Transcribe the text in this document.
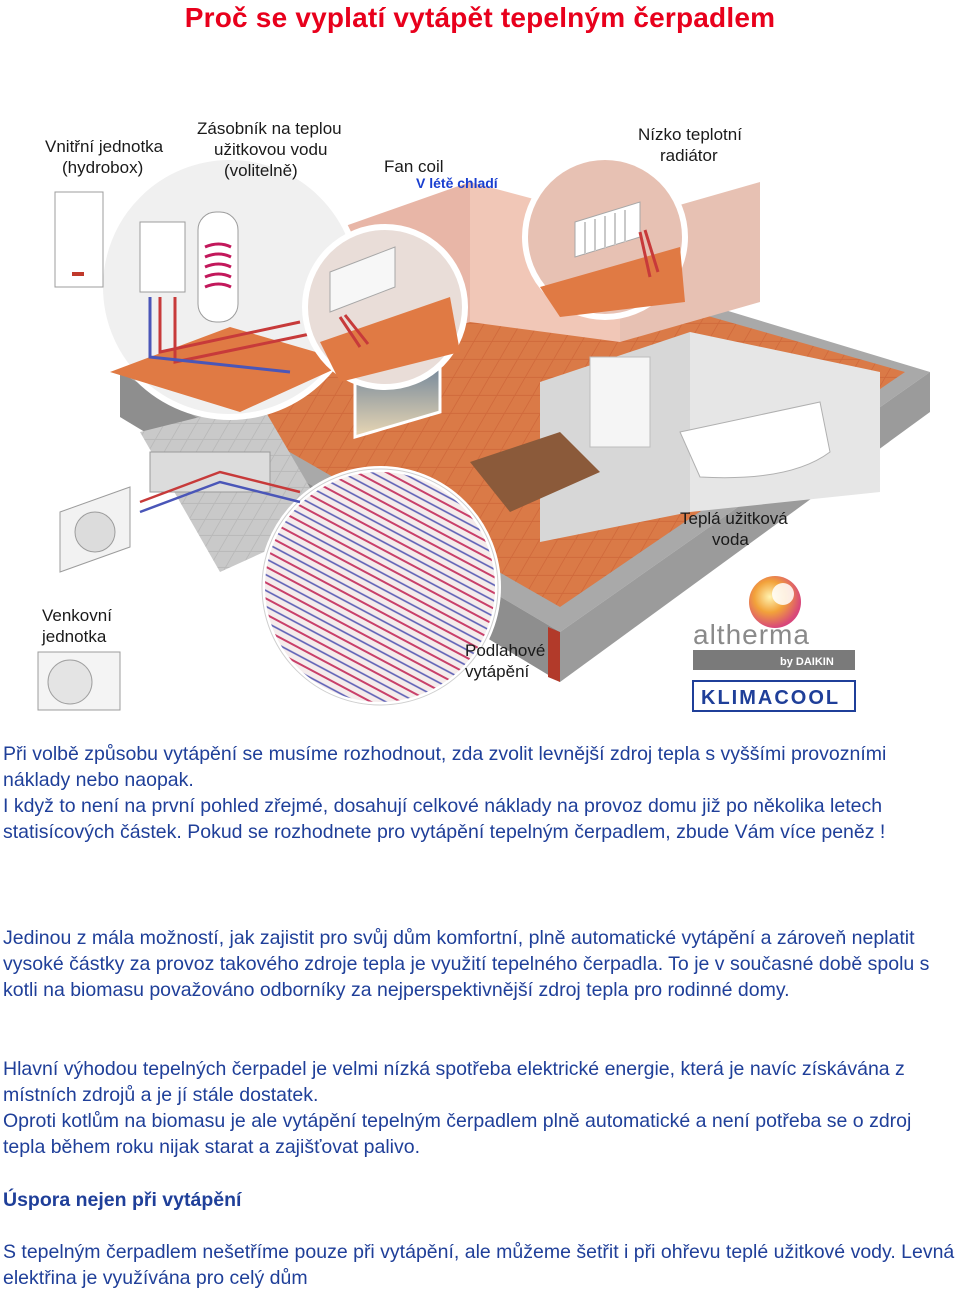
Proč se vyplatí vytápět tepelným čerpadlem
Vnitřní jednotka
(hydrobox)
Zásobník na teplou
užitkovou vodu
(volitelně)	Fan coil
V létě chladí
Nízko teplotní
radiátor
Teplá užitková
voda
Venkovní
jednotka
Podlahové
vytápění
altherma
by DAIKIN
KLIMACOOL

Při volbě způsobu vytápění se musíme rozhodnout, zda zvolit levnější zdroj tepla s vyššími provozními náklady nebo naopak.

I když to není na první pohled zřejmé, dosahují celkové náklady na provoz domu již po několika letech statisícových částek. Pokud se rozhodnete pro vytápění tepelným čerpadlem, zbude Vám více peněz !

Jedinou z mála možností, jak zajistit pro svůj dům komfortní, plně automatické vytápění a zároveň neplatit vysoké částky za provoz takového zdroje tepla je využití tepelného čerpadla. To je v současné době spolu s kotli na biomasu považováno odborníky za nejperspektivnější zdroj tepla pro rodinné domy.

Hlavní výhodou tepelných čerpadel je velmi nízká spotřeba elektrické energie, která je navíc získávána z místních zdrojů a je jí stále dostatek.

Oproti kotlům na biomasu je ale vytápění tepelným čerpadlem plně automatické a není potřeba se o zdroj tepla během roku nijak starat a zajišťovat palivo.

Úspora nejen při vytápění

S tepelným čerpadlem nešetříme pouze při vytápění, ale můžeme šetřit i při ohřevu teplé užitkové vody. Levná elektřina je využívána pro celý dům
